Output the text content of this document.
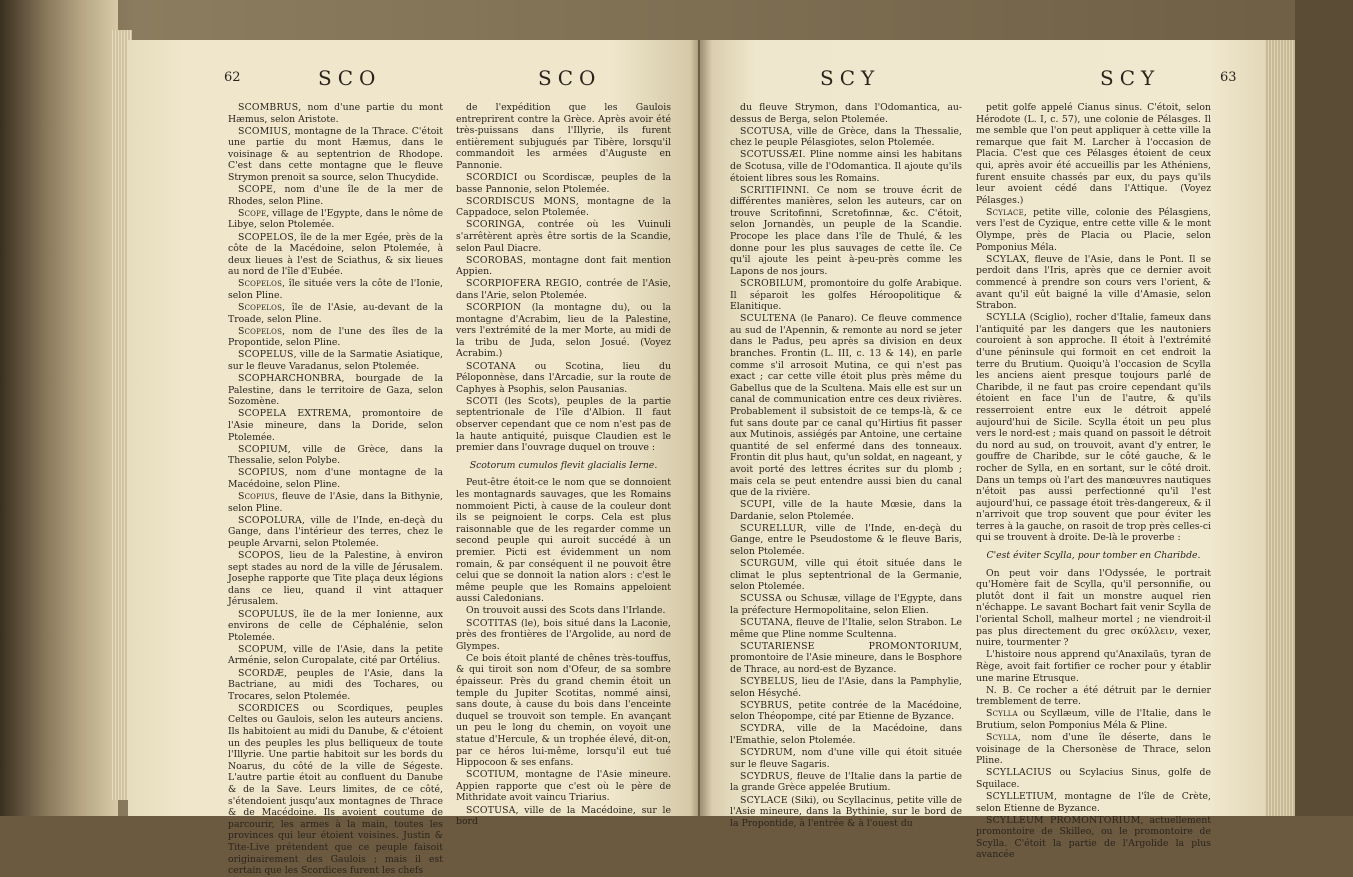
62	SCO	SCO

SCOMBRUS, nom d'une partie du mont Hæmus, selon Aristote.

SCOMIUS, montagne de la Thrace. C'étoit une partie du mont Hæmus, dans le voisinage & au septentrion de Rhodope. C'est dans cette montagne que le fleuve Strymon prenoit sa source, selon Thucydide.

SCOPE, nom d'une île de la mer de Rhodes, selon Pline.

Scope, village de l'Egypte, dans le nôme de Libye, selon Ptolemée.

SCOPELOS, île de la mer Egée, près de la côte de la Macédoine, selon Ptolemée, à deux lieues à l'est de Sciathus, & six lieues au nord de l'île d'Eubée.

Scopelos, île située vers la côte de l'Ionie, selon Pline.

Scopelos, île de l'Asie, au-devant de la Troade, selon Pline.

Scopelos, nom de l'une des îles de la Propontide, selon Pline.

SCOPELUS, ville de la Sarmatie Asiatique, sur le fleuve Varadanus, selon Ptolemée.

SCOPHARCHONBRA, bourgade de la Palestine, dans le territoire de Gaza, selon Sozomène.

SCOPELA EXTREMA, promontoire de l'Asie mineure, dans la Doride, selon Ptolemée.

SCOPIUM, ville de Grèce, dans la Thessalie, selon Polybe.

SCOPIUS, nom d'une montagne de la Macédoine, selon Pline.

Scopius, fleuve de l'Asie, dans la Bithynie, selon Pline.

SCOPOLURA, ville de l'Inde, en-deçà du Gange, dans l'intérieur des terres, chez le peuple Arvarni, selon Ptolemée.

SCOPOS, lieu de la Palestine, à environ sept stades au nord de la ville de Jérusalem. Josephe rapporte que Tite plaça deux légions dans ce lieu, quand il vint attaquer Jérusalem.

SCOPULUS, île de la mer Ionienne, aux environs de celle de Céphalénie, selon Ptolemée.

SCOPUM, ville de l'Asie, dans la petite Arménie, selon Curopalate, cité par Ortélius.

SCORDÆ, peuples de l'Asie, dans la Bactriane, au midi des Tochares, ou Trocares, selon Ptolemée.

SCORDICES ou Scordiques, peuples Celtes ou Gaulois, selon les auteurs anciens. Ils habitoient au midi du Danube, & c'étoient un des peuples les plus belliqueux de toute l'Illyrie. Une partie habitoit sur les bords du Noarus, du côté de la ville de Ségeste. L'autre partie étoit au confluent du Danube & de la Save. Leurs limites, de ce côté, s'étendoient jusqu'aux montagnes de Thrace & de Macédoine. Ils avoient coutume de parcourir, les armes à la main, toutes les provinces qui leur étoient voisines. Justin & Tite-Live prétendent que ce peuple faisoit originairement des Gaulois ; mais il est certain que les Scordices furent les chefs

de l'expédition que les Gaulois entreprirent contre la Grèce. Après avoir été très-puissans dans l'Illyrie, ils furent entièrement subjugués par Tibère, lorsqu'il commandoit les armées d'Auguste en Pannonie.

SCORDICI ou Scordiscæ, peuples de la basse Pannonie, selon Ptolemée.

SCORDISCUS MONS, montagne de la Cappadoce, selon Ptolemée.

SCORINGA, contrée où les Vuinuli s'arrêtèrent après être sortis de la Scandie, selon Paul Diacre.

SCOROBAS, montagne dont fait mention Appien.

SCORPIOFERA REGIO, contrée de l'Asie, dans l'Arie, selon Ptolemée.

SCORPION (la montagne du), ou la montagne d'Acrabim, lieu de la Palestine, vers l'extrémité de la mer Morte, au midi de la tribu de Juda, selon Josué. (Voyez Acrabim.)

SCOTANA ou Scotina, lieu du Péloponnèse, dans l'Arcadie, sur la route de Caphyes à Psophis, selon Pausanias.

SCOTI (les Scots), peuples de la partie septentrionale de l'île d'Albion. Il faut observer cependant que ce nom n'est pas de la haute antiquité, puisque Claudien est le premier dans l'ouvrage duquel on trouve :

Scotorum cumulos flevit glacialis Ierne.

Peut-être étoit-ce le nom que se donnoient les montagnards sauvages, que les Romains nommoient Picti, à cause de la couleur dont ils se peignoient le corps. Cela est plus raisonnable que de les regarder comme un second peuple qui auroit succédé à un premier. Picti est évidemment un nom romain, & par conséquent il ne pouvoit être celui que se donnoit la nation alors : c'est le même peuple que les Romains appeloient aussi Caledonians.

On trouvoit aussi des Scots dans l'Irlande.

SCOTITAS (le), bois situé dans la Laconie, près des frontières de l'Argolide, au nord de Glympes.

Ce bois étoit planté de chênes très-touffus, & qui tiroit son nom d'Ofeur, de sa sombre épaisseur. Près du grand chemin étoit un temple du Jupiter Scotitas, nommé ainsi, sans doute, à cause du bois dans l'enceinte duquel se trouvoit son temple. En avançant un peu le long du chemin, on voyoit une statue d'Hercule, & un trophée élevé, dit-on, par ce héros lui-même, lorsqu'il eut tué Hippocoon & ses enfans.

SCOTIUM, montagne de l'Asie mineure. Appien rapporte que c'est où le père de Mithridate avoit vaincu Triarius.

SCOTUSA, ville de la Macédoine, sur le bord

SCY	SCY	63

du fleuve Strymon, dans l'Odomantica, au-dessus de Berga, selon Ptolemée.

SCOTUSA, ville de Grèce, dans la Thessalie, chez le peuple Pélasgiotes, selon Ptolemée.

SCOTUSSÆI. Pline nomme ainsi les habitans de Scotusa, ville de l'Odomantica. Il ajoute qu'ils étoient libres sous les Romains.

SCRITIFINNI. Ce nom se trouve écrit de différentes manières, selon les auteurs, car on trouve Scritofinni, Scretofinnæ, &c. C'étoit, selon Jornandès, un peuple de la Scandie. Procope les place dans l'île de Thulé, & les donne pour les plus sauvages de cette île. Ce qu'il ajoute les peint à-peu-près comme les Lapons de nos jours.

SCROBILUM, promontoire du golfe Arabique. Il séparoit les golfes Héroopolitique & Elanitique.

SCULTENA (le Panaro). Ce fleuve commence au sud de l'Apennin, & remonte au nord se jeter dans le Padus, peu après sa division en deux branches. Frontin (L. III, c. 13 & 14), en parle comme s'il arrosoit Mutina, ce qui n'est pas exact ; car cette ville étoit plus près même du Gabellus que de la Scultena. Mais elle est sur un canal de communication entre ces deux rivières. Probablement il subsistoit de ce temps-là, & ce fut sans doute par ce canal qu'Hirtius fit passer aux Mutinois, assiégés par Antoine, une certaine quantité de sel enfermé dans des tonneaux. Frontin dit plus haut, qu'un soldat, en nageant, y avoit porté des lettres écrites sur du plomb ; mais cela se peut entendre aussi bien du canal que de la rivière.

SCUPI, ville de la haute Mœsie, dans la Dardanie, selon Ptolemée.

SCURELLUR, ville de l'Inde, en-deçà du Gange, entre le Pseudostome & le fleuve Baris, selon Ptolemée.

SCURGUM, ville qui étoit située dans le climat le plus septentrional de la Germanie, selon Ptolemée.

SCUSSA ou Schusæ, village de l'Egypte, dans la préfecture Hermopolitaine, selon Elien.

SCUTANA, fleuve de l'Italie, selon Strabon. Le même que Pline nomme Scultenna.

SCUTARIENSE PROMONTORIUM, promontoire de l'Asie mineure, dans le Bosphore de Thrace, au nord-est de Byzance.

SCYBELUS, lieu de l'Asie, dans la Pamphylie, selon Hésyché.

SCYBRUS, petite contrée de la Macédoine, selon Théopompe, cité par Etienne de Byzance.

SCYDRA, ville de la Macédoine, dans l'Emathie, selon Ptolemée.

SCYDRUM, nom d'une ville qui étoit située sur le fleuve Sagaris.

SCYDRUS, fleuve de l'Italie dans la partie de la grande Grèce appelée Brutium.

SCYLACE (Siki), ou Scyllacinus, petite ville de l'Asie mineure, dans la Bythinie, sur le bord de la Propontide, à l'entrée & à l'ouest du

petit golfe appelé Cianus sinus. C'étoit, selon Hérodote (L. I, c. 57), une colonie de Pélasges. Il me semble que l'on peut appliquer à cette ville la remarque que fait M. Larcher à l'occasion de Placia. C'est que ces Pélasges étoient de ceux qui, après avoir été accueillis par les Athéniens, furent ensuite chassés par eux, du pays qu'ils leur avoient cédé dans l'Attique. (Voyez Pélasges.)

Scylace, petite ville, colonie des Pélasgiens, vers l'est de Cyzique, entre cette ville & le mont Olympe, près de Placia ou Placie, selon Pomponius Méla.

SCYLAX, fleuve de l'Asie, dans le Pont. Il se perdoit dans l'Iris, après que ce dernier avoit commencé à prendre son cours vers l'orient, & avant qu'il eût baigné la ville d'Amasie, selon Strabon.

SCYLLA (Sciglio), rocher d'Italie, fameux dans l'antiquité par les dangers que les nautoniers couroient à son approche. Il étoit à l'extrémité d'une péninsule qui formoit en cet endroit la terre du Brutium. Quoiqu'à l'occasion de Scylla les anciens aient presque toujours parlé de Charibde, il ne faut pas croire cependant qu'ils étoient en face l'un de l'autre, & qu'ils resserroient entre eux le détroit appelé aujourd'hui de Sicile. Scylla étoit un peu plus vers le nord-est ; mais quand on passoit le détroit du nord au sud, on trouvoit, avant d'y entrer, le gouffre de Charibde, sur le côté gauche, & le rocher de Sylla, en en sortant, sur le côté droit. Dans un temps où l'art des manœuvres nautiques n'étoit pas aussi perfectionné qu'il l'est aujourd'hui, ce passage étoit très-dangereux, & il n'arrivoit que trop souvent que pour éviter les terres à la gauche, on rasoit de trop près celles-ci qui se trouvent à droite. De-là le proverbe :

C'est éviter Scylla, pour tomber en Charibde.

On peut voir dans l'Odyssée, le portrait qu'Homère fait de Scylla, qu'il personnifie, ou plutôt dont il fait un monstre auquel rien n'échappe. Le savant Bochart fait venir Scylla de l'oriental Scholl, malheur mortel ; ne viendroit-il pas plus directement du grec σκύλλειν, vexer, nuire, tourmenter ?

L'histoire nous apprend qu'Anaxilaüs, tyran de Rège, avoit fait fortifier ce rocher pour y établir une marine Etrusque.

N. B. Ce rocher a été détruit par le dernier tremblement de terre.

Scylla ou Scyllæum, ville de l'Italie, dans le Brutium, selon Pomponius Méla & Pline.

Scylla, nom d'une île déserte, dans le voisinage de la Chersonèse de Thrace, selon Pline.

SCYLLACIUS ou Scylacius Sinus, golfe de Squilace.

SCYLLETIUM, montagne de l'île de Crète, selon Etienne de Byzance.

SCYLLEUM PROMONTORIUM, actuellement promontoire de Skilleo, ou le promontoire de Scylla. C'étoit la partie de l'Argolide la plus avancée
